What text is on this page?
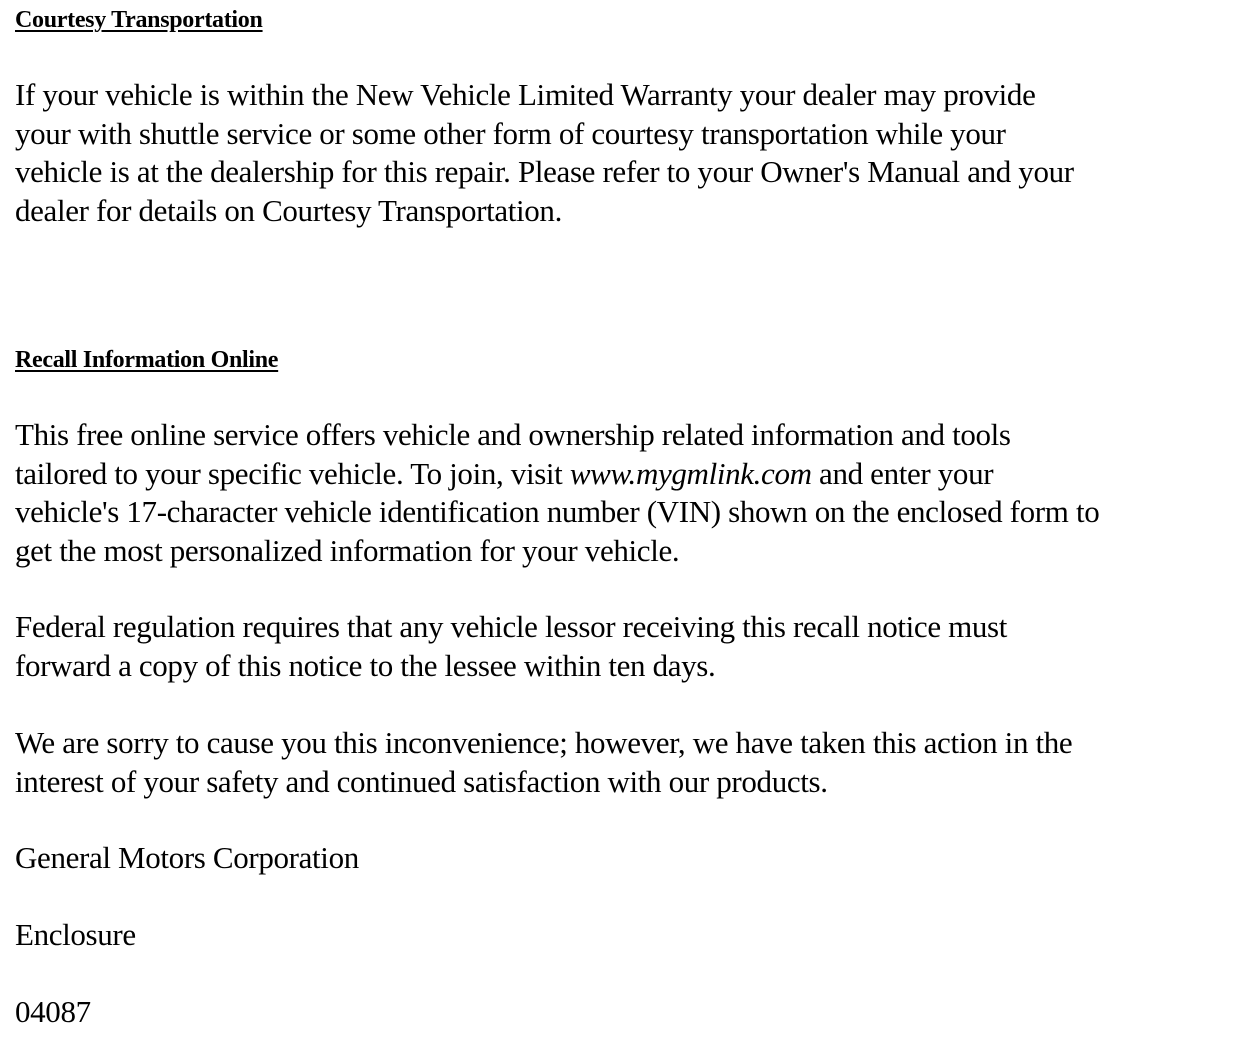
Courtesy Transportation
If your vehicle is within the New Vehicle Limited Warranty your dealer may provide
your with shuttle service or some other form of courtesy transportation while your
vehicle is at the dealership for this repair. Please refer to your Owner's Manual and your
dealer for details on Courtesy Transportation.
Recall Information Online
This free online service offers vehicle and ownership related information and tools
tailored to your specific vehicle. To join, visit www.mygmlink.com and enter your
vehicle's 17-character vehicle identification number (VIN) shown on the enclosed form to
get the most personalized information for your vehicle.
Federal regulation requires that any vehicle lessor receiving this recall notice must
forward a copy of this notice to the lessee within ten days.
We are sorry to cause you this inconvenience; however, we have taken this action in the
interest of your safety and continued satisfaction with our products.
General Motors Corporation
Enclosure
04087
